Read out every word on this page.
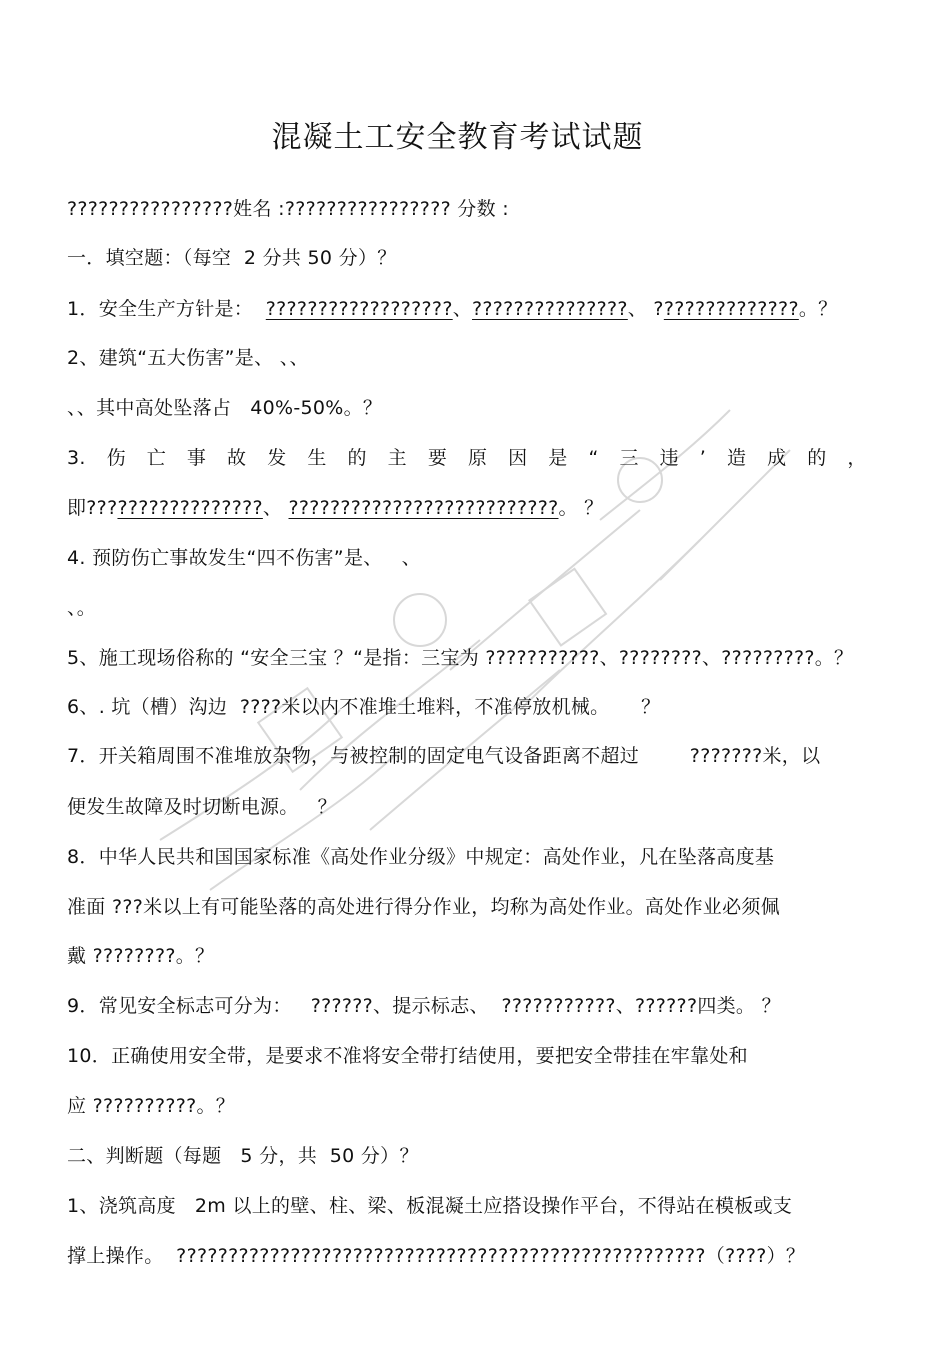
混凝土工安全教育考试试题
????????????????姓名 :???????????????? 分数 :
一．填空题：（每空  2 分共 50 分）？
1．安全生产方针是：  ??????????????????、???????????????、 ??????????????。？
2、建筑“五大伤害”是、 、、
、、其中高处坠落占   40%-50%。？
3. 伤 亡 事 故 发 生 的 主 要 原 因 是 “ 三 违 ’ 造 成 的 ，
即?????????????????、 ??????????????????????????。 ？
4. 预防伤亡事故发生“四不伤害”是、   、
、。
5、施工现场俗称的 “安全三宝 ？“是指：三宝为 ???????????、????????、?????????。？
6、. 坑（槽）沟边  ????米以内不准堆土堆料，不准停放机械。     ？
7．开关箱周围不准堆放杂物，与被控制的固定电气设备距离不超过        ???????米，以
便发生故障及时切断电源。   ？
8．中华人民共和国国家标准《高处作业分级》中规定：高处作业，凡在坠落高度基
准面 ???米以上有可能坠落的高处进行得分作业，均称为高处作业。高处作业必须佩
戴 ????????。？
9．常见安全标志可分为：   ??????、提示标志、  ???????????、??????四类。 ？
10．正确使用安全带，是要求不准将安全带打结使用，要把安全带挂在牢靠处和
应 ??????????。？
二、判断题（每题   5 分，共  50 分）？
1、浇筑高度   2m 以上的壁、柱、梁、板混凝土应搭设操作平台，不得站在模板或支
撑上操作。  ???????????????????????????????????????????????????（????）？
